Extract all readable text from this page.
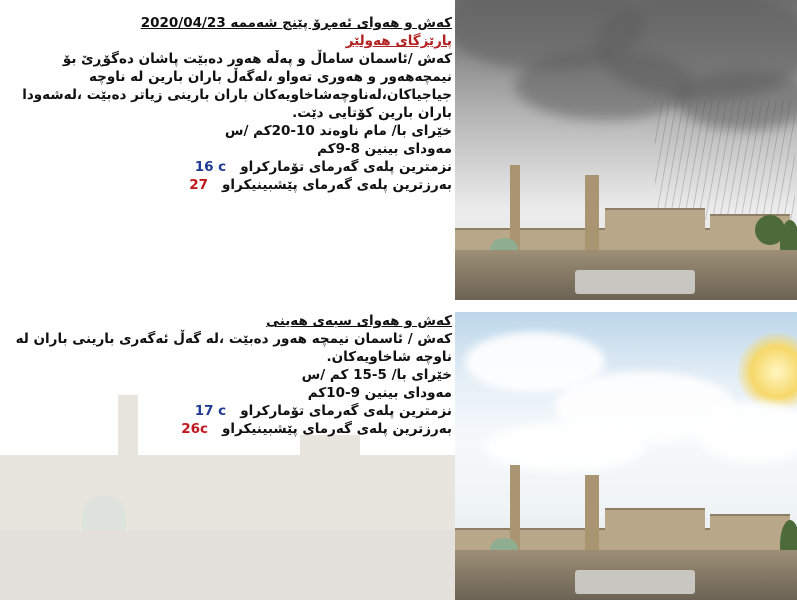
کەش و هەوای ئەمڕۆ پێنج شەممە 2020/04/23
پارێزگای هەولێر
کەش /ئاسمان ساماڵ و پەڵە هەور دەبێت پاشان دەگۆڕێ بۆ
نیمچەهەور و هەوری تەواو ،لەگەڵ باران بارین لە ناوچە
جیاجیاکان،لەناوچەشاخاویەکان باران بارینی زیاتر دەبێت ،لەشەودا
باران بارین کۆتایی دێت.
خێرای با/ مام ناوەند 10-20کم /س
مەودای بینین 8-9کم
نزمترین پلەی گەرمای تۆمارکراو16 c
بەرزترین پلەی گەرمای پێشبینیکراو27
کەش و هەوای سبەی هەینی
کەش / ئاسمان نیمچە هەور دەبێت ،لە گەڵ ئەگەری بارینی باران لە
ناوچە شاخاویەکان.
خێرای با/ 5-15 کم /س
مەودای بینین 9-10کم
نزمترین پلەی گەرمای تۆمارکراو17 c
بەرزترین پلەی گەرمای پێشبینیکراو26c
